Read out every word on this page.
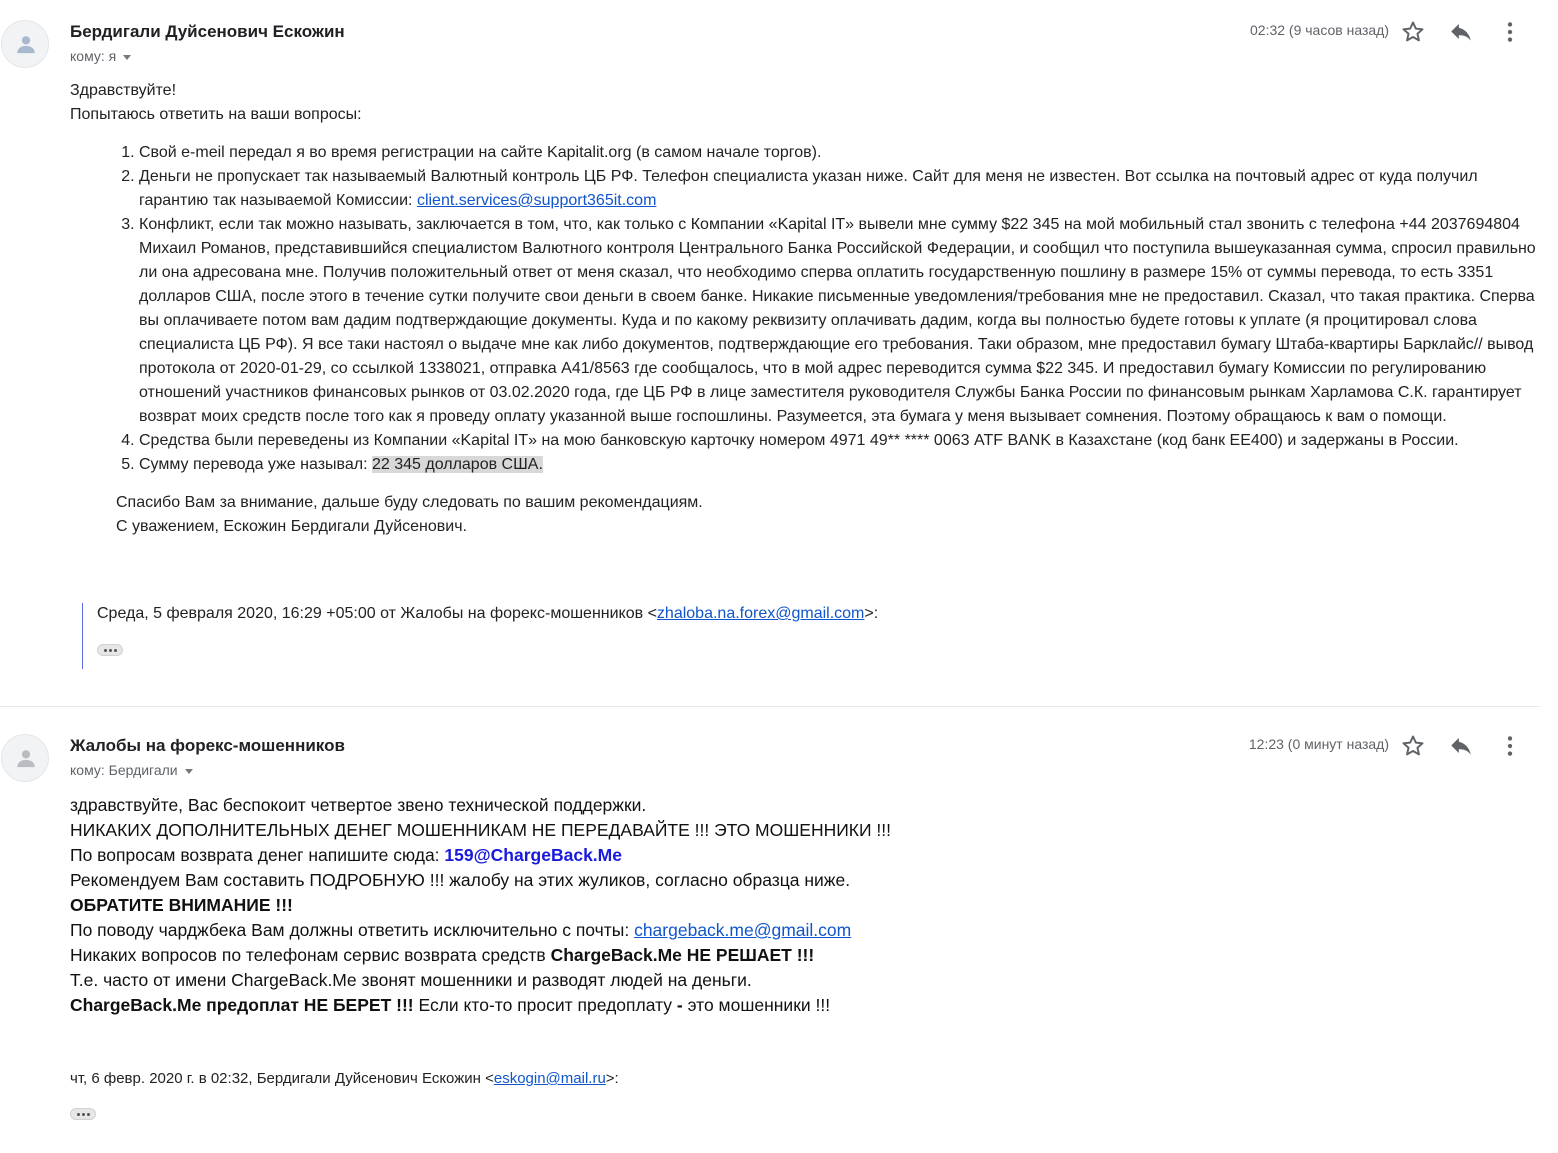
Бердигали Дуйсенович Ескожин
кому: я
02:32 (9 часов назад)

Здравствуйте!

Попытаюсь ответить на ваши вопросы:

1. Свой e-meil передал я во время регистрации на сайте Kapitalit.org (в самом начале торгов).
2. Деньги не пропускает так называемый Валютный контроль ЦБ РФ. Телефон специалиста указан ниже. Сайт для меня не известен. Вот ссылка на почтовый адрес от куда получил гарантию так называемой Комиссии: client.services@support365it.com
3. Конфликт, если так можно называть, заключается в том, что, как только с Компании «Kapital IT» вывели мне сумму $22 345 на мой мобильный стал звонить с телефона +44 2037694804 Михаил Романов, представившийся специалистом Валютного контроля Центрального Банка Российской Федерации, и сообщил что поступила вышеуказанная сумма, спросил правильно ли она адресована мне. Получив положительный ответ от меня сказал, что необходимо сперва оплатить государственную пошлину в размере 15% от суммы перевода, то есть 3351 долларов США, после этого в течение сутки получите свои деньги в своем банке. Никакие письменные уведомления/требования мне не предоставил. Сказал, что такая практика. Сперва вы оплачиваете потом вам дадим подтверждающие документы. Куда и по какому реквизиту оплачивать дадим, когда вы полностью будете готовы к уплате (я процитировал слова специалиста ЦБ РФ). Я все таки настоял о выдаче мне как либо документов, подтверждающие его требования. Таки образом, мне предоставил бумагу Штаба-квартиры Барклайс// вывод протокола от 2020-01-29, со ссылкой 1338021, отправка A41/8563 где сообщалось, что в мой адрес переводится сумма $22 345. И предоставил бумагу Комиссии по регулированию отношений участников финансовых рынков от 03.02.2020 года, где ЦБ РФ в лице заместителя руководителя Службы Банка России по финансовым рынкам Харламова С.К. гарантирует возврат моих средств после того как я проведу оплату указанной выше госпошлины. Разумеется, эта бумага у меня вызывает сомнения. Поэтому обращаюсь к вам о помощи.
4. Средства были переведены из Компании «Kapital IT» на мою банковскую карточку номером 4971 49** **** 0063 ATF BANK в Казахстане (код банк EE400) и задержаны в России.
5. Сумму перевода уже называл: 22 345 долларов США.

Спасибо Вам за внимание, дальше буду следовать по вашим рекомендациям.

С уважением, Ескожин Бердигали Дуйсенович.

Среда, 5 февраля 2020, 16:29 +05:00 от Жалобы на форекс-мошенников <zhaloba.na.forex@gmail.com>:
Жалобы на форекс-мошенников
кому: Бердигали
12:23 (0 минут назад)

здравствуйте, Вас беспокоит четвертое звено технической поддержки.

НИКАКИХ ДОПОЛНИТЕЛЬНЫХ ДЕНЕГ МОШЕННИКАМ НЕ ПЕРЕДАВАЙТЕ !!! ЭТО МОШЕННИКИ !!!

По вопросам возврата денег напишите сюда: 159@ChargeBack.Me

Рекомендуем Вам составить ПОДРОБНУЮ !!! жалобу на этих жуликов, согласно образца ниже.

ОБРАТИТЕ ВНИМАНИЕ !!!

По поводу чарджбека Вам должны ответить исключительно с почты: chargeback.me@gmail.com

Никаких вопросов по телефонам сервис возврата средств ChargeBack.Me НЕ РЕШАЕТ !!!

Т.е. часто от имени ChargeBack.Me звонят мошенники и разводят людей на деньги.

ChargeBack.Me предоплат НЕ БЕРЕТ !!! Если кто-то просит предоплату - это мошенники !!!

чт, 6 февр. 2020 г. в 02:32, Бердигали Дуйсенович Ескожин <eskogin@mail.ru>:
